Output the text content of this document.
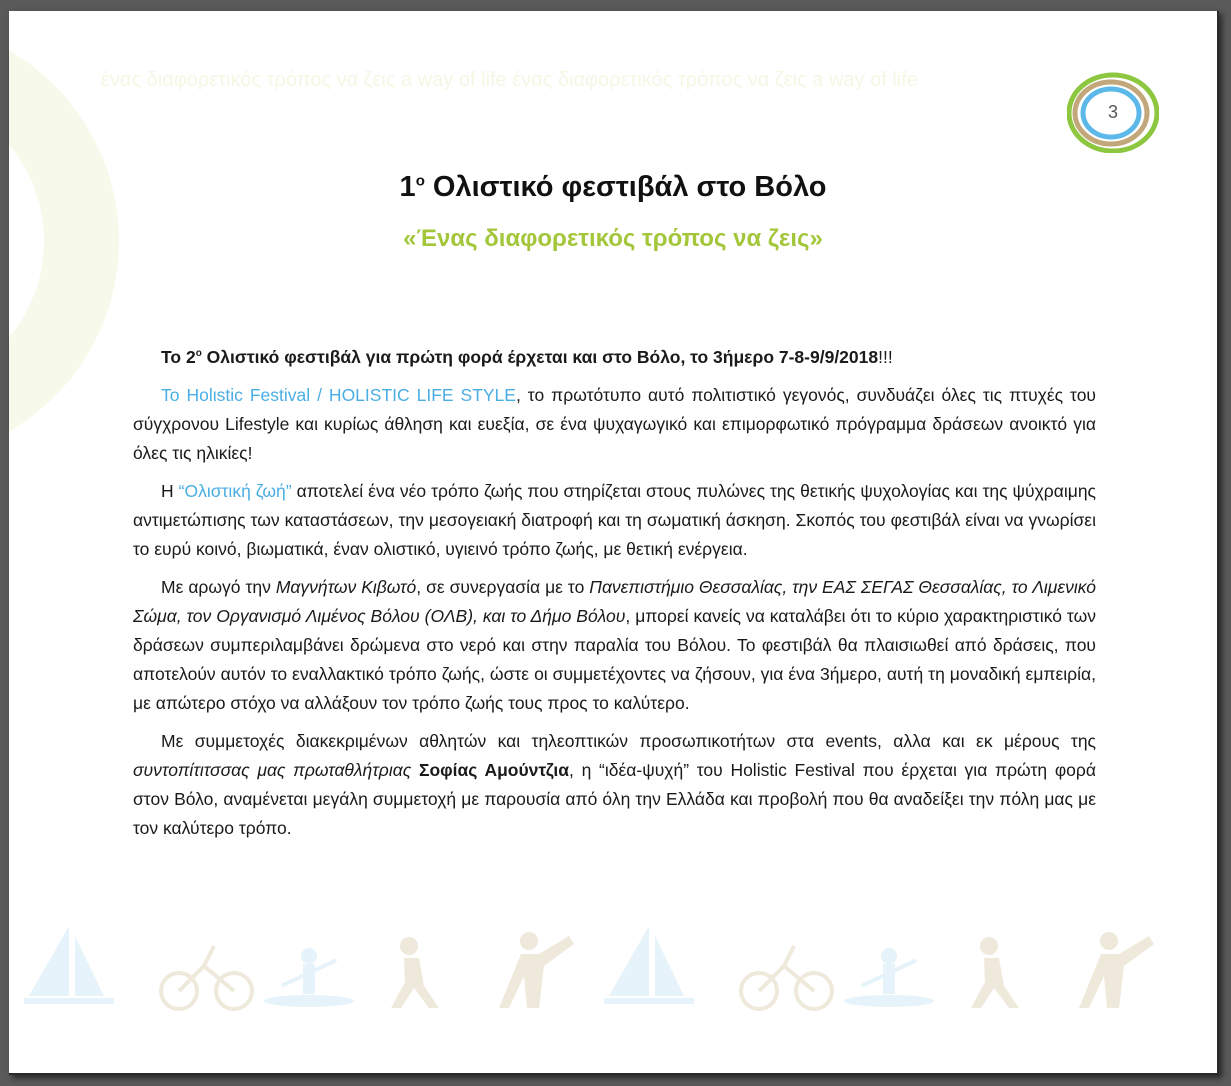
ένας διαφορετικός τρόπος να ζεις a way of life ένας διαφορετικός τρόπος να ζεις a way of life
3
$1^o$ Ολιστικό φεστιβάλ στο Βόλο
«Ένας διαφορετικός τρόπος να ζεις»

Το $2^o$ Ολιστικό φεστιβάλ για πρώτη φορά έρχεται και στο Βόλο, το 3ήμερο 7-8-9/9/2018!!!

Το Holιstic Festival / HOLISTIC LIFE STYLE, το πρωτότυπο αυτό πολιτιστικό γεγονός, συνδυάζει όλες τις πτυχές του σύγχρονου Lifestyle και κυρίως άθληση και ευεξία, σε ένα ψυχαγωγικό και επιμορφωτικό πρόγραμμα δράσεων ανοικτό για όλες τις ηλικίες!

Η “Ολιστική ζωή” αποτελεί ένα νέο τρόπο ζωής που στηρίζεται στους πυλώνες της θετικής ψυχολογίας και της ψύχραιμης αντιμετώπισης των καταστάσεων, την μεσογειακή διατροφή και τη σωματική άσκηση. Σκοπός του φεστιβάλ είναι να γνωρίσει το ευρύ κοινό, βιωματικά, έναν ολιστικό, υγιεινό τρόπο ζωής, με θετική ενέργεια.

Με αρωγό την Μαγνήτων Κιβωτό, σε συνεργασία με το Πανεπιστήμιο Θεσσαλίας, την ΕΑΣ ΣΕΓΑΣ Θεσσαλίας, το Λιμενικό Σώμα, τον Οργανισμό Λιμένος Βόλου (ΟΛΒ), και το Δήμο Βόλου, μπορεί κανείς να καταλάβει ότι το κύριο χαρακτηριστικό των δράσεων συμπεριλαμβάνει δρώμενα στο νερό και στην παραλία του Βόλου. Το φεστιβάλ θα πλαισιωθεί από δράσεις, που αποτελούν αυτόν το εναλλακτικό τρόπο ζωής, ώστε οι συμμετέχοντες να ζήσουν, για ένα 3ήμερο, αυτή τη μοναδική εμπειρία, με απώτερο στόχο να αλλάξουν τον τρόπο ζωής τους προς το καλύτερο.

Με συμμετοχές διακεκριμένων αθλητών και τηλεοπτικών προσωπικοτήτων στα events, αλλα και εκ μέρους της συντοπίτιτσσας μας πρωταθλήτριας Σοφίας Αμούντζια, η “ιδέα-ψυχή” του Holistic Festival που έρχεται για πρώτη φορά στον Βόλο, αναμένεται μεγάλη συμμετοχή με παρουσία από όλη την Ελλάδα και προβολή που θα αναδείξει την πόλη μας με τον καλύτερο τρόπο.
